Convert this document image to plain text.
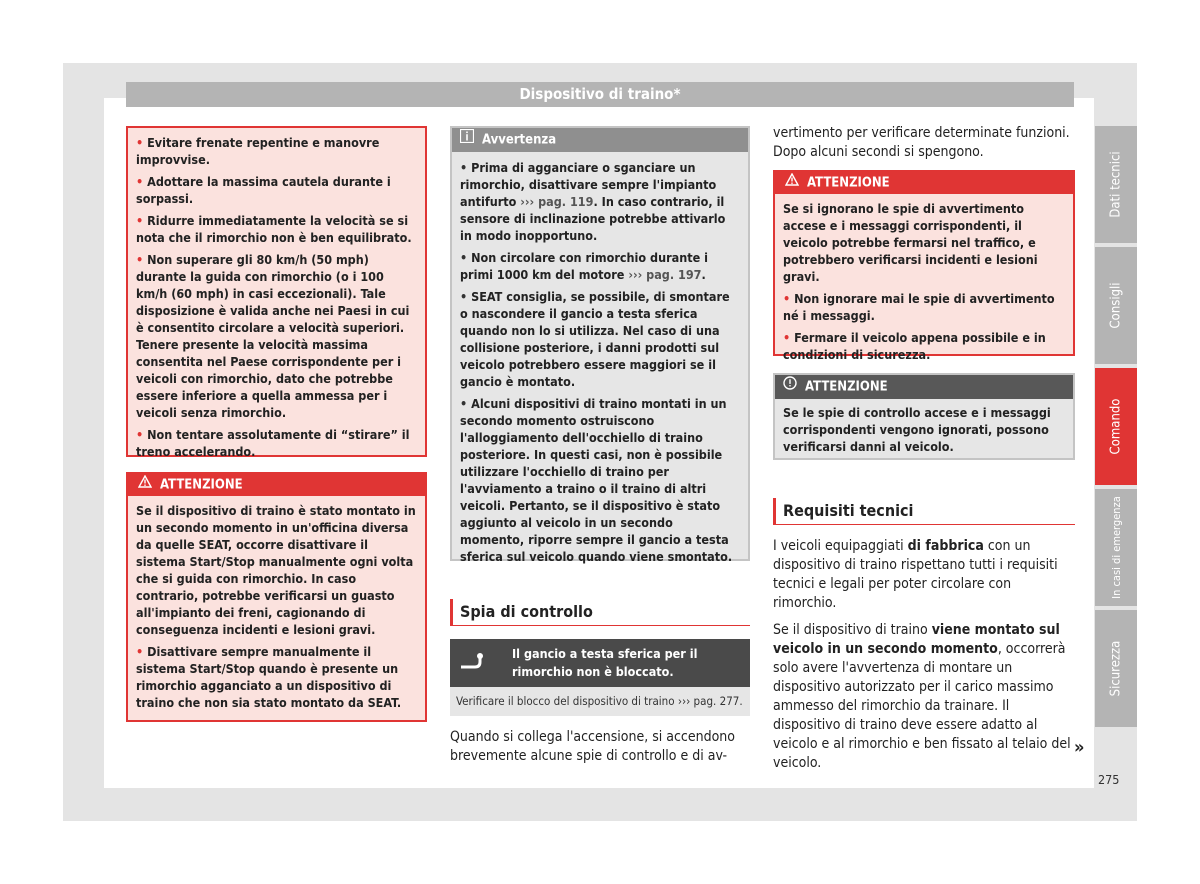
Dispositivo di traino*

• Evitare frenate repentine e manovre improvvise.

• Adottare la massima cautela durante i sorpassi.

• Ridurre immediatamente la velocità se si nota che il rimorchio non è ben equilibrato.

• Non superare gli 80 km/h (50 mph) durante la guida con rimorchio (o i 100 km/h (60 mph) in casi eccezionali). Tale disposizione è valida anche nei Paesi in cui è consentito circolare a velocità superiori. Tenere presente la velocità massima consentita nel Paese corrispondente per i veicoli con rimorchio, dato che potrebbe essere inferiore a quella ammessa per i veicoli senza rimorchio.

• Non tentare assolutamente di “stirare” il treno accelerando.

ATTENZIONE

Se il dispositivo di traino è stato montato in un secondo momento in un'officina diversa da quelle SEAT, occorre disattivare il sistema Start/Stop manualmente ogni volta che si guida con rimorchio. In caso contrario, potrebbe verificarsi un guasto all'impianto dei freni, cagionando di conseguenza incidenti e lesioni gravi.

• Disattivare sempre manualmente il sistema Start/Stop quando è presente un rimorchio agganciato a un dispositivo di traino che non sia stato montato da SEAT.

Avvertenza

• Prima di agganciare o sganciare un rimorchio, disattivare sempre l'impianto antifurto ››› pag. 119. In caso contrario, il sensore di inclinazione potrebbe attivarlo in modo inopportuno.

• Non circolare con rimorchio durante i primi 1000 km del motore ››› pag. 197.

• SEAT consiglia, se possibile, di smontare o nascondere il gancio a testa sferica quando non lo si utilizza. Nel caso di una collisione posteriore, i danni prodotti sul veicolo potrebbero essere maggiori se il gancio è montato.

• Alcuni dispositivi di traino montati in un secondo momento ostruiscono l'alloggiamento dell'occhiello di traino posteriore. In questi casi, non è possibile utilizzare l'occhiello di traino per l'avviamento a traino o il traino di altri veicoli. Pertanto, se il dispositivo è stato aggiunto al veicolo in un secondo momento, riporre sempre il gancio a testa sferica sul veicolo quando viene smontato.

Spia di controllo
Il gancio a testa sferica per il rimorchio non è bloccato.
Verificare il blocco del dispositivo di traino ››› pag. 277.

Quando si collega l'accensione, si accendono brevemente alcune spie di controllo e di av-

vertimento per verificare determinate funzioni. Dopo alcuni secondi si spengono.

ATTENZIONE

Se si ignorano le spie di avvertimento accese e i messaggi corrispondenti, il veicolo potrebbe fermarsi nel traffico, e potrebbero verificarsi incidenti e lesioni gravi.

• Non ignorare mai le spie di avvertimento né i messaggi.

• Fermare il veicolo appena possibile e in condizioni di sicurezza.

ATTENZIONE

Se le spie di controllo accese e i messaggi corrispondenti vengono ignorati, possono verificarsi danni al veicolo.

Requisiti tecnici

I veicoli equipaggiati di fabbrica con un dispositivo di traino rispettano tutti i requisiti tecnici e legali per poter circolare con rimorchio.

Se il dispositivo di traino viene montato sul veicolo in un secondo momento, occorrerà solo avere l'avvertenza di montare un dispositivo autorizzato per il carico massimo ammesso del rimorchio da trainare. Il dispositivo di traino deve essere adatto al veicolo e al rimorchio e ben fissato al telaio del veicolo.

»
Dati tecnici
Consigli
Comando
In casi di emergenza
Sicurezza
275
